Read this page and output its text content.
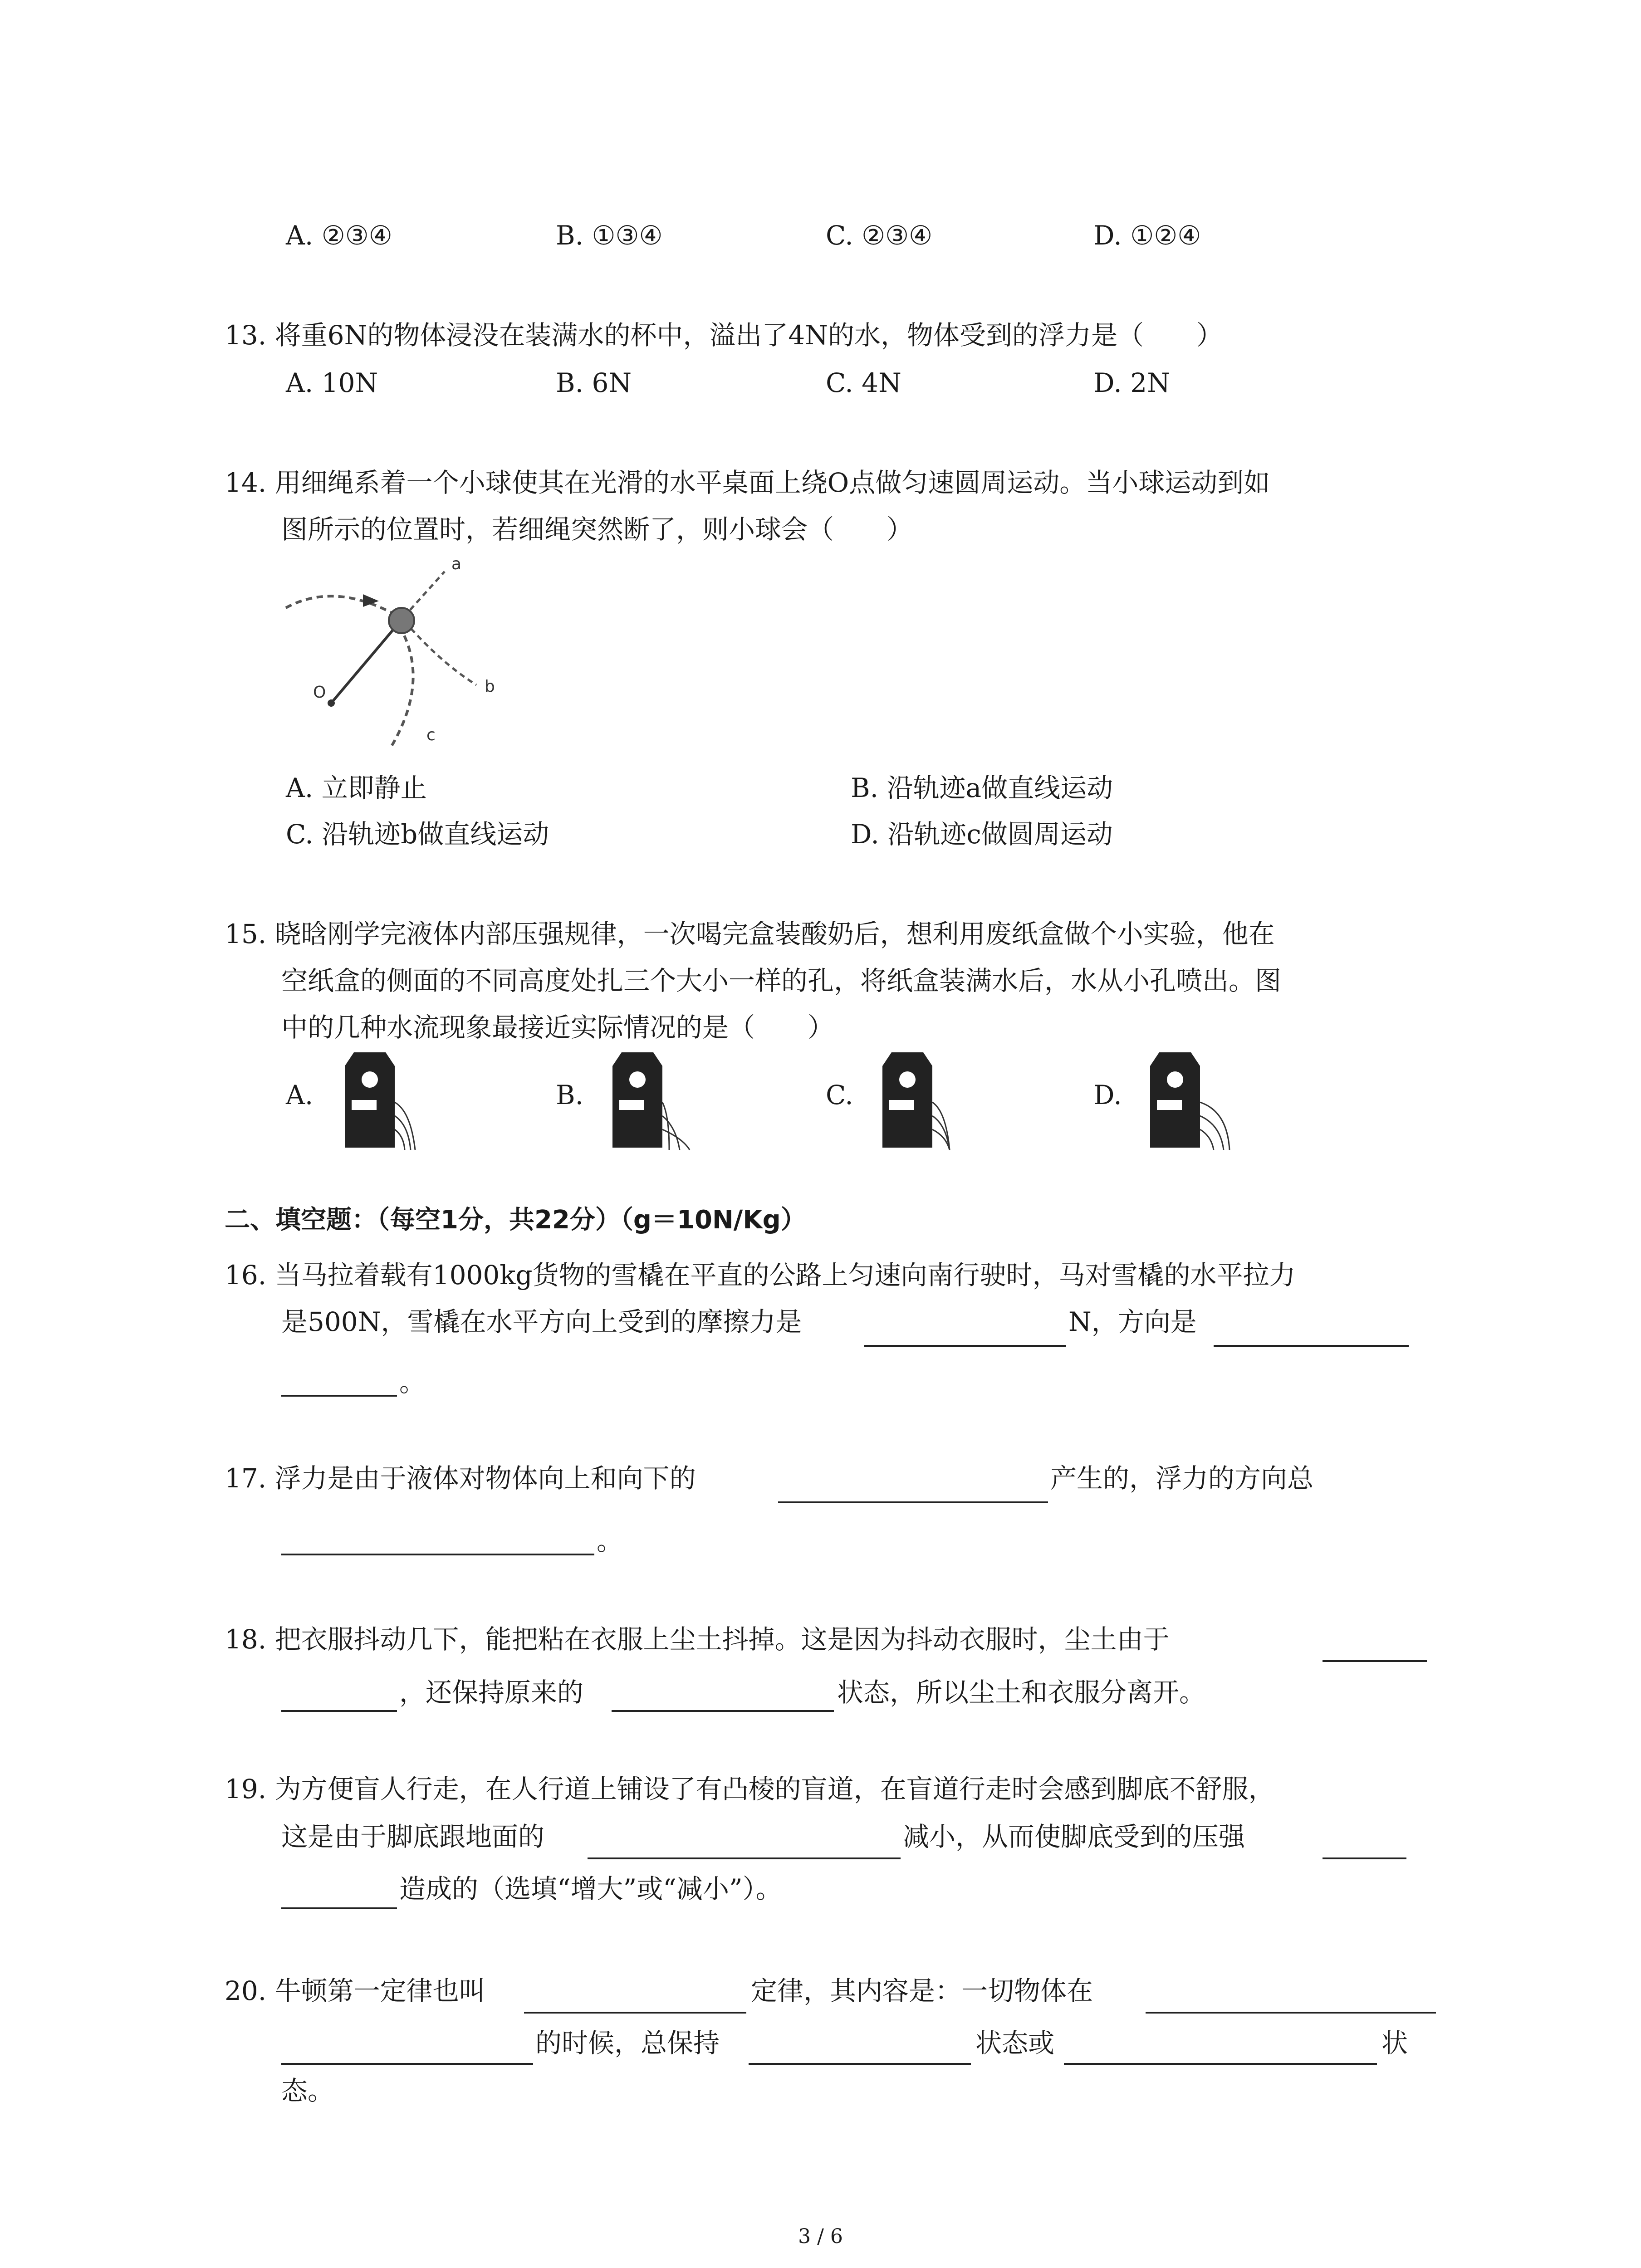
A. ②③④	B. ①③④	C. ②③④	D. ①②④
13. 将重6N的物体浸没在装满水的杯中，溢出了4N的水，物体受到的浮力是（　　）
A. 10N	B. 6N	C. 4N	D. 2N
14. 用细绳系着一个小球使其在光滑的水平桌面上绕O点做匀速圆周运动。当小球运动到如
图所示的位置时，若细绳突然断了，则小球会（　　）
a
b
c
O
A. 立即静止	B. 沿轨迹a做直线运动
C. 沿轨迹b做直线运动	D. 沿轨迹c做圆周运动
15. 晓晗刚学完液体内部压强规律，一次喝完盒装酸奶后，想利用废纸盒做个小实验，他在
空纸盒的侧面的不同高度处扎三个大小一样的孔，将纸盒装满水后，水从小孔喷出。图
中的几种水流现象最接近实际情况的是（　　）
A.	B.	C.	D.
二、填空题：（每空1分，共22分）（g＝10N/Kg）
16. 当马拉着载有1000kg货物的雪橇在平直的公路上匀速向南行驶时，马对雪橇的水平拉力
是500N，雪橇在水平方向上受到的摩擦力是	N，方向是
。
17. 浮力是由于液体对物体向上和向下的	产生的，浮力的方向总
。
18. 把衣服抖动几下，能把粘在衣服上尘土抖掉。这是因为抖动衣服时，尘土由于
，还保持原来的	状态，所以尘土和衣服分离开。
19. 为方便盲人行走，在人行道上铺设了有凸棱的盲道，在盲道行走时会感到脚底不舒服，
这是由于脚底跟地面的	减小，从而使脚底受到的压强
造成的（选填“增大”或“减小”）。
20. 牛顿第一定律也叫	定律，其内容是：一切物体在
的时候，总保持	状态或	状
态。
3 / 6
